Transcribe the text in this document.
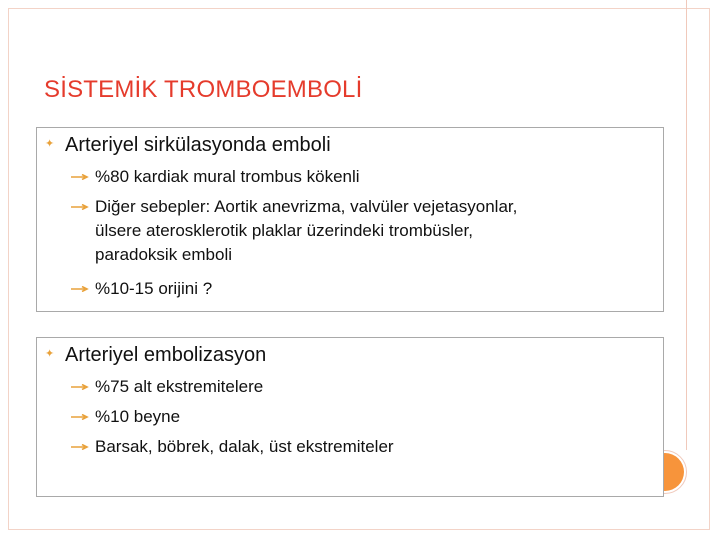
SİSTEMİK TROMBOEMBOLİ
✦ Arteriyel sirkülasyonda emboli
%80 kardiak mural trombus kökenli
Diğer sebepler: Aortik anevrizma, valvüler vejetasyonlar,
ülsere aterosklerotik plaklar üzerindeki trombüsler,
paradoksik emboli
%10-15 orijini ?
✦ Arteriyel embolizasyon
%75 alt ekstremitelere
%10 beyne
Barsak, böbrek, dalak, üst ekstremiteler
